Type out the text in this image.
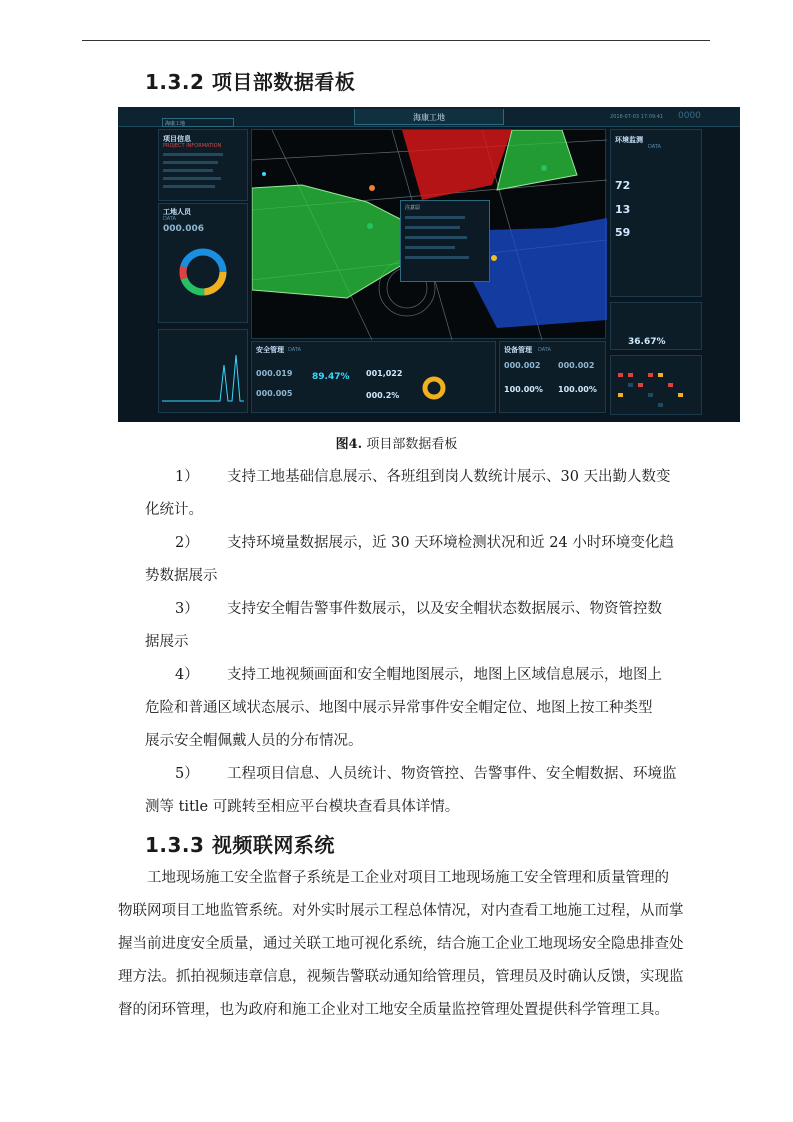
1.3.2 项目部数据看板
海康工地	2018-07-03 17:09:41 0000
海康工地
项目信息
PROJECT INFORMATION
工地人员
DATA
000.006
注意层
环境监测
DATA
72
13
59
36.67%
安全管理 DATA
000.019
000.005
89.47% 001,022
000.2%
设备管理 DATA
000.002 000.002
100.00% 100.00%
图4. 项目部数据看板
1） 支持工地基础信息展示、各班组到岗人数统计展示、30 天出勤人数变
化统计。
2） 支持环境量数据展示，近 30 天环境检测状况和近 24 小时环境变化趋
势数据展示
3） 支持安全帽告警事件数展示，以及安全帽状态数据展示、物资管控数
据展示
4） 支持工地视频画面和安全帽地图展示，地图上区域信息展示，地图上
危险和普通区域状态展示、地图中展示异常事件安全帽定位、地图上按工种类型
展示安全帽佩戴人员的分布情况。
5） 工程项目信息、人员统计、物资管控、告警事件、安全帽数据、环境监
测等 title 可跳转至相应平台模块查看具体详情。
1.3.3 视频联网系统
工地现场施工安全监督子系统是工企业对项目工地现场施工安全管理和质量管理的
物联网项目工地监管系统。对外实时展示工程总体情况，对内查看工地施工过程，从而掌
握当前进度安全质量，通过关联工地可视化系统，结合施工企业工地现场安全隐患排查处
理方法。抓拍视频违章信息，视频告警联动通知给管理员，管理员及时确认反馈，实现监
督的闭环管理，也为政府和施工企业对工地安全质量监控管理处置提供科学管理工具。
